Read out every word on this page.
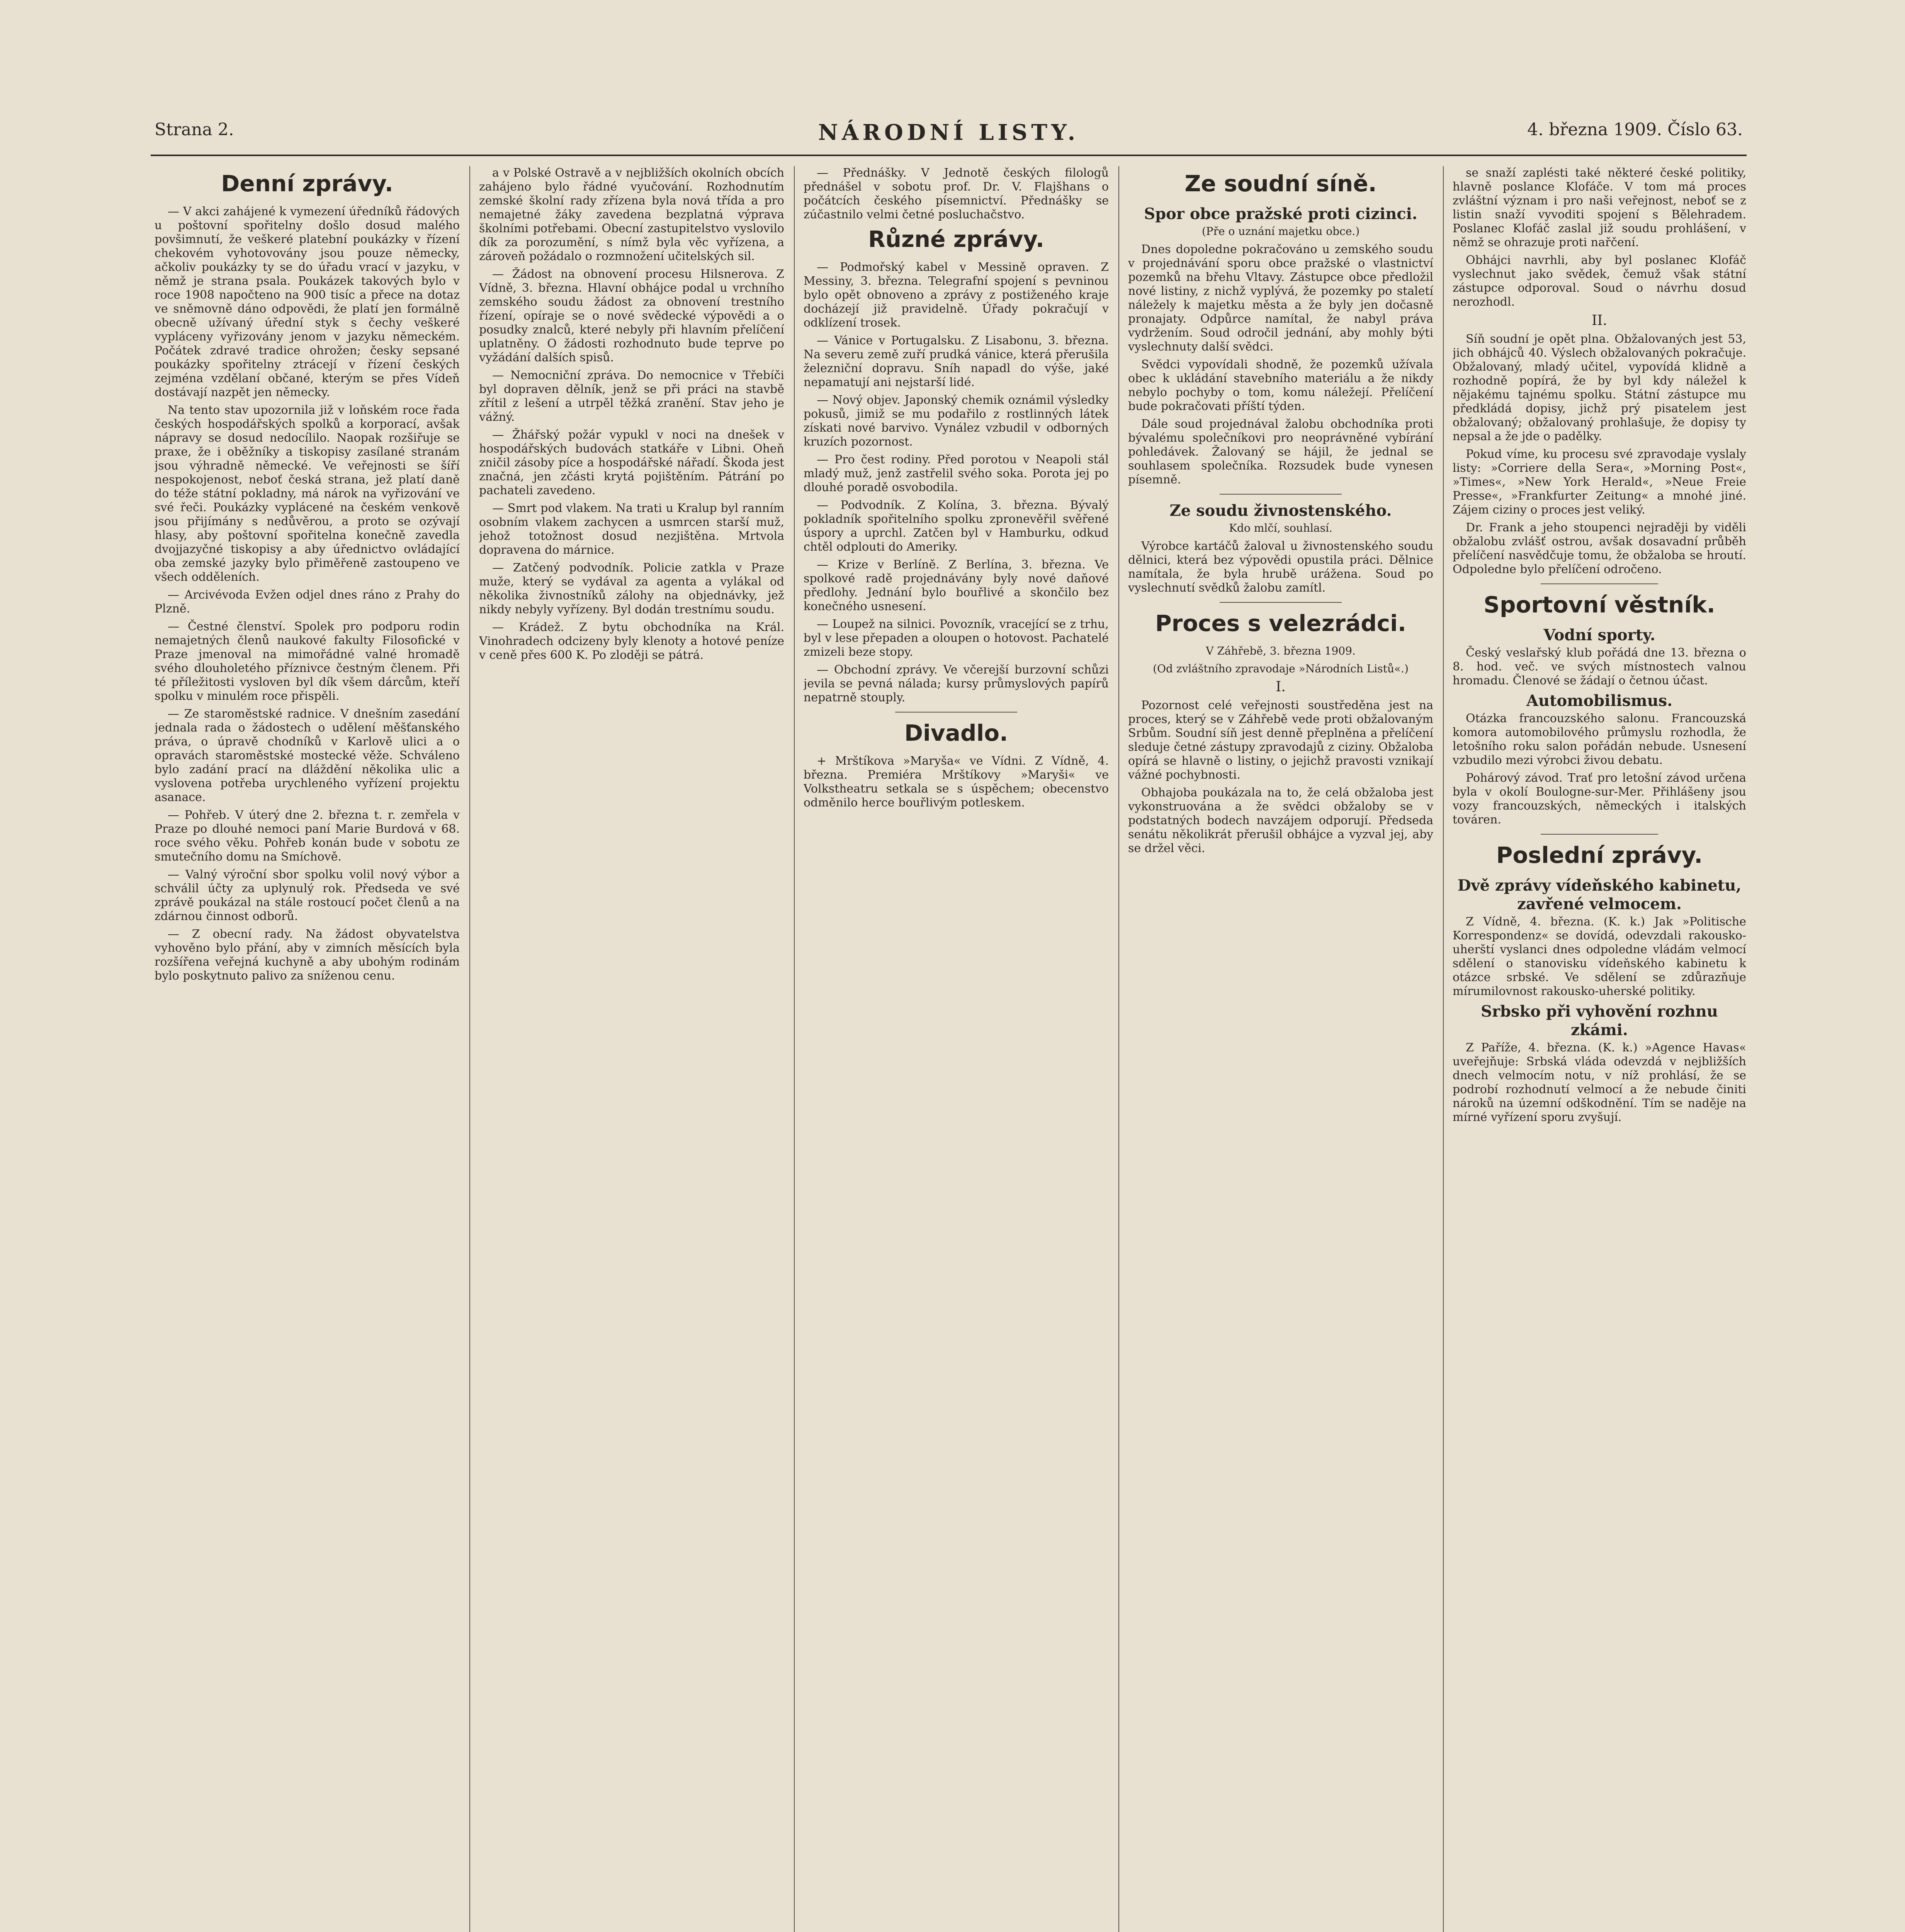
Strana 2.	NÁRODNÍ LISTY.	4. března 1909. Číslo 63.
Denní zprávy.

— V akci zahájené k vymezení úředníků řádových u poštovní spořitelny došlo dosud malého povšimnutí, že veškeré platební poukázky v řízení chekovém vyhotovovány jsou pouze německy, ačkoliv poukázky ty se do úřadu vrací v jazyku, v němž je strana psala. Poukázek takových bylo v roce 1908 napočteno na 900 tisíc a přece na dotaz ve sněmovně dáno odpovědi, že platí jen formálně obecně užívaný úřední styk s čechy veškeré vypláceny vyřizovány jenom v jazyku německém. Počátek zdravé tradice ohrožen; česky sepsané poukázky spořitelny ztrácejí v řízení českých zejména vzdělaní občané, kterým se přes Vídeň dostávají nazpět jen německy.

Na tento stav upozornila již v loňském roce řada českých hospodářských spolků a korporací, avšak nápravy se dosud nedocílilo. Naopak rozšiřuje se praxe, že i oběžníky a tiskopisy zasílané stranám jsou výhradně německé. Ve veřejnosti se šíří nespokojenost, neboť česká strana, jež platí daně do téže státní pokladny, má nárok na vyřizování ve své řeči. Poukázky vyplácené na českém venkově jsou přijímány s nedůvěrou, a proto se ozývají hlasy, aby poštovní spořitelna konečně zavedla dvojjazyčné tiskopisy a aby úřednictvo ovládající oba zemské jazyky bylo přiměřeně zastoupeno ve všech odděleních.

— Arcivévoda Evžen odjel dnes ráno z Prahy do Plzně.

— Čestné členství. Spolek pro podporu rodin nemajetných členů naukové fakulty Filosofické v Praze jmenoval na mimořádné valné hromadě svého dlouholetého příznivce čestným členem. Při té příležitosti vysloven byl dík všem dárcům, kteří spolku v minulém roce přispěli.

— Ze staroměstské radnice. V dnešním zasedání jednala rada o žádostech o udělení měšťanského práva, o úpravě chodníků v Karlově ulici a o opravách staroměstské mostecké věže. Schváleno bylo zadání prací na dláždění několika ulic a vyslovena potřeba urychleného vyřízení projektu asanace.

— Pohřeb. V úterý dne 2. března t. r. zemřela v Praze po dlouhé nemoci paní Marie Burdová v 68. roce svého věku. Pohřeb konán bude v sobotu ze smutečního domu na Smíchově.

— Valný výroční sbor spolku volil nový výbor a schválil účty za uplynulý rok. Předseda ve své zprávě poukázal na stále rostoucí počet členů a na zdárnou činnost odborů.

— Z obecní rady. Na žádost obyvatelstva vyhověno bylo přání, aby v zimních měsících byla rozšířena veřejná kuchyně a aby ubohým rodinám bylo poskytnuto palivo za sníženou cenu.

a v Polské Ostravě a v nejbližších okolních obcích zahájeno bylo řádné vyučování. Rozhodnutím zemské školní rady zřízena byla nová třída a pro nemajetné žáky zavedena bezplatná výprava školními potřebami. Obecní zastupitelstvo vyslovilo dík za porozumění, s nímž byla věc vyřízena, a zároveň požádalo o rozmnožení učitelských sil.

— Žádost na obnovení procesu Hilsnerova. Z Vídně, 3. března. Hlavní obhájce podal u vrchního zemského soudu žádost za obnovení trestního řízení, opíraje se o nové svědecké výpovědi a o posudky znalců, které nebyly při hlavním přelíčení uplatněny. O žádosti rozhodnuto bude teprve po vyžádání dalších spisů.

— Nemocniční zpráva. Do nemocnice v Třebíči byl dopraven dělník, jenž se při práci na stavbě zřítil z lešení a utrpěl těžká zranění. Stav jeho je vážný.

— Žhářský požár vypukl v noci na dnešek v hospodářských budovách statkáře v Libni. Oheň zničil zásoby píce a hospodářské nářadí. Škoda jest značná, jen zčásti krytá pojištěním. Pátrání po pachateli zavedeno.

— Smrt pod vlakem. Na trati u Kralup byl ranním osobním vlakem zachycen a usmrcen starší muž, jehož totožnost dosud nezjištěna. Mrtvola dopravena do márnice.

— Zatčený podvodník. Policie zatkla v Praze muže, který se vydával za agenta a vylákal od několika živnostníků zálohy na objednávky, jež nikdy nebyly vyřízeny. Byl dodán trestnímu soudu.

— Krádež. Z bytu obchodníka na Král. Vinohradech odcizeny byly klenoty a hotové peníze v ceně přes 600 K. Po zloději se pátrá.

— Přednášky. V Jednotě českých filologů přednášel v sobotu prof. Dr. V. Flajšhans o počátcích českého písemnictví. Přednášky se zúčastnilo velmi četné posluchačstvo.

Různé zprávy.

— Podmořský kabel v Messině opraven. Z Messiny, 3. března. Telegrafní spojení s pevninou bylo opět obnoveno a zprávy z postiženého kraje docházejí již pravidelně. Úřady pokračují v odklízení trosek.

— Vánice v Portugalsku. Z Lisabonu, 3. března. Na severu země zuří prudká vánice, která přerušila železniční dopravu. Sníh napadl do výše, jaké nepamatují ani nejstarší lidé.

— Nový objev. Japonský chemik oznámil výsledky pokusů, jimiž se mu podařilo z rostlinných látek získati nové barvivo. Vynález vzbudil v odborných kruzích pozornost.

— Pro čest rodiny. Před porotou v Neapoli stál mladý muž, jenž zastřelil svého soka. Porota jej po dlouhé poradě osvobodila.

— Podvodník. Z Kolína, 3. března. Bývalý pokladník spořitelního spolku zpronevěřil svěřené úspory a uprchl. Zatčen byl v Hamburku, odkud chtěl odplouti do Ameriky.

— Krize v Berlíně. Z Berlína, 3. března. Ve spolkové radě projednávány byly nové daňové předlohy. Jednání bylo bouřlivé a skončilo bez konečného usnesení.

— Loupež na silnici. Povozník, vracející se z trhu, byl v lese přepaden a oloupen o hotovost. Pachatelé zmizeli beze stopy.

— Obchodní zprávy. Ve včerejší burzovní schůzi jevila se pevná nálada; kursy průmyslových papírů nepatrně stouply.

Divadlo.

+ Mrštíkova »Maryša« ve Vídni. Z Vídně, 4. března. Premiéra Mrštíkovy »Maryši« ve Volkstheatru setkala se s úspěchem; obecenstvo odměnilo herce bouřlivým potleskem.

Ze soudní síně.
Spor obce pražské proti cizinci.
(Pře o uznání majetku obce.)

Dnes dopoledne pokračováno u zemského soudu v projednávání sporu obce pražské o vlastnictví pozemků na břehu Vltavy. Zástupce obce předložil nové listiny, z nichž vyplývá, že pozemky po staletí náležely k majetku města a že byly jen dočasně pronajaty. Odpůrce namítal, že nabyl práva vydržením. Soud odročil jednání, aby mohly býti vyslechnuty další svědci.

Svědci vypovídali shodně, že pozemků užívala obec k ukládání stavebního materiálu a že nikdy nebylo pochyby o tom, komu náležejí. Přelíčení bude pokračovati příští týden.

Dále soud projednával žalobu obchodníka proti bývalému společníkovi pro neoprávněné vybírání pohledávek. Žalovaný se hájil, že jednal se souhlasem společníka. Rozsudek bude vynesen písemně.

Ze soudu živnostenského.
Kdo mlčí, souhlasí.

Výrobce kartáčů žaloval u živnostenského soudu dělnici, která bez výpovědi opustila práci. Dělnice namítala, že byla hrubě urážena. Soud po vyslechnutí svědků žalobu zamítl.

Proces s velezrádci.
V Záhřebě, 3. března 1909.
(Od zvláštního zpravodaje »Národních Listů«.)
I.

Pozornost celé veřejnosti soustředěna jest na proces, který se v Záhřebě vede proti obžalovaným Srbům. Soudní síň jest denně přeplněna a přelíčení sleduje četné zástupy zpravodajů z ciziny. Obžaloba opírá se hlavně o listiny, o jejichž pravosti vznikají vážné pochybnosti.

Obhajoba poukázala na to, že celá obžaloba jest vykonstruována a že svědci obžaloby se v podstatných bodech navzájem odporují. Předseda senátu několikrát přerušil obhájce a vyzval jej, aby se držel věci.

se snaží zaplésti také některé české politiky, hlavně poslance Klofáče. V tom má proces zvláštní význam i pro naši veřejnost, neboť se z listin snaží vyvoditi spojení s Bělehradem. Poslanec Klofáč zaslal již soudu prohlášení, v němž se ohrazuje proti nařčení.

Obhájci navrhli, aby byl poslanec Klofáč vyslechnut jako svědek, čemuž však státní zástupce odporoval. Soud o návrhu dosud nerozhodl.

II.

Síň soudní je opět plna. Obžalovaných jest 53, jich obhájců 40. Výslech obžalovaných pokračuje. Obžalovaný, mladý učitel, vypovídá klidně a rozhodně popírá, že by byl kdy náležel k nějakému tajnému spolku. Státní zástupce mu předkládá dopisy, jichž prý pisatelem jest obžalovaný; obžalovaný prohlašuje, že dopisy ty nepsal a že jde o padělky.

Pokud víme, ku procesu své zpravodaje vyslaly listy: »Corriere della Sera«, »Morning Post«, »Times«, »New York Herald«, »Neue Freie Presse«, »Frankfurter Zeitung« a mnohé jiné. Zájem ciziny o proces jest veliký.

Dr. Frank a jeho stoupenci nejraději by viděli obžalobu zvlášť ostrou, avšak dosavadní průběh přelíčení nasvědčuje tomu, že obžaloba se hroutí. Odpoledne bylo přelíčení odročeno.

Sportovní věstník.
Vodní sporty.

Český veslařský klub pořádá dne 13. března o 8. hod. več. ve svých místnostech valnou hromadu. Členové se žádají o četnou účast.

Automobilismus.

Otázka francouzského salonu. Francouzská komora automobilového průmyslu rozhodla, že letošního roku salon pořádán nebude. Usnesení vzbudilo mezi výrobci živou debatu.

Pohárový závod. Trať pro letošní závod určena byla v okolí Boulogne-sur-Mer. Přihlášeny jsou vozy francouzských, německých i italských továren.

Poslední zprávy.
Dvě zprávy vídeňského kabinetu, zavřené velmocem.

Z Vídně, 4. března. (K. k.) Jak »Politische Korrespondenz« se dovídá, odevzdali rakousko-uherští vyslanci dnes odpoledne vládám velmocí sdělení o stanovisku vídeňského kabinetu k otázce srbské. Ve sdělení se zdůrazňuje mírumilovnost rakousko-uherské politiky.

Srbsko při vyhovění rozhnu zkámi.

Z Paříže, 4. března. (K. k.) »Agence Havas« uveřejňuje: Srbská vláda odevzdá v nejbližších dnech velmocím notu, v níž prohlásí, že se podrobí rozhodnutí velmocí a že nebude činiti nároků na územní odškodnění. Tím se naděje na mírné vyřízení sporu zvyšují.
